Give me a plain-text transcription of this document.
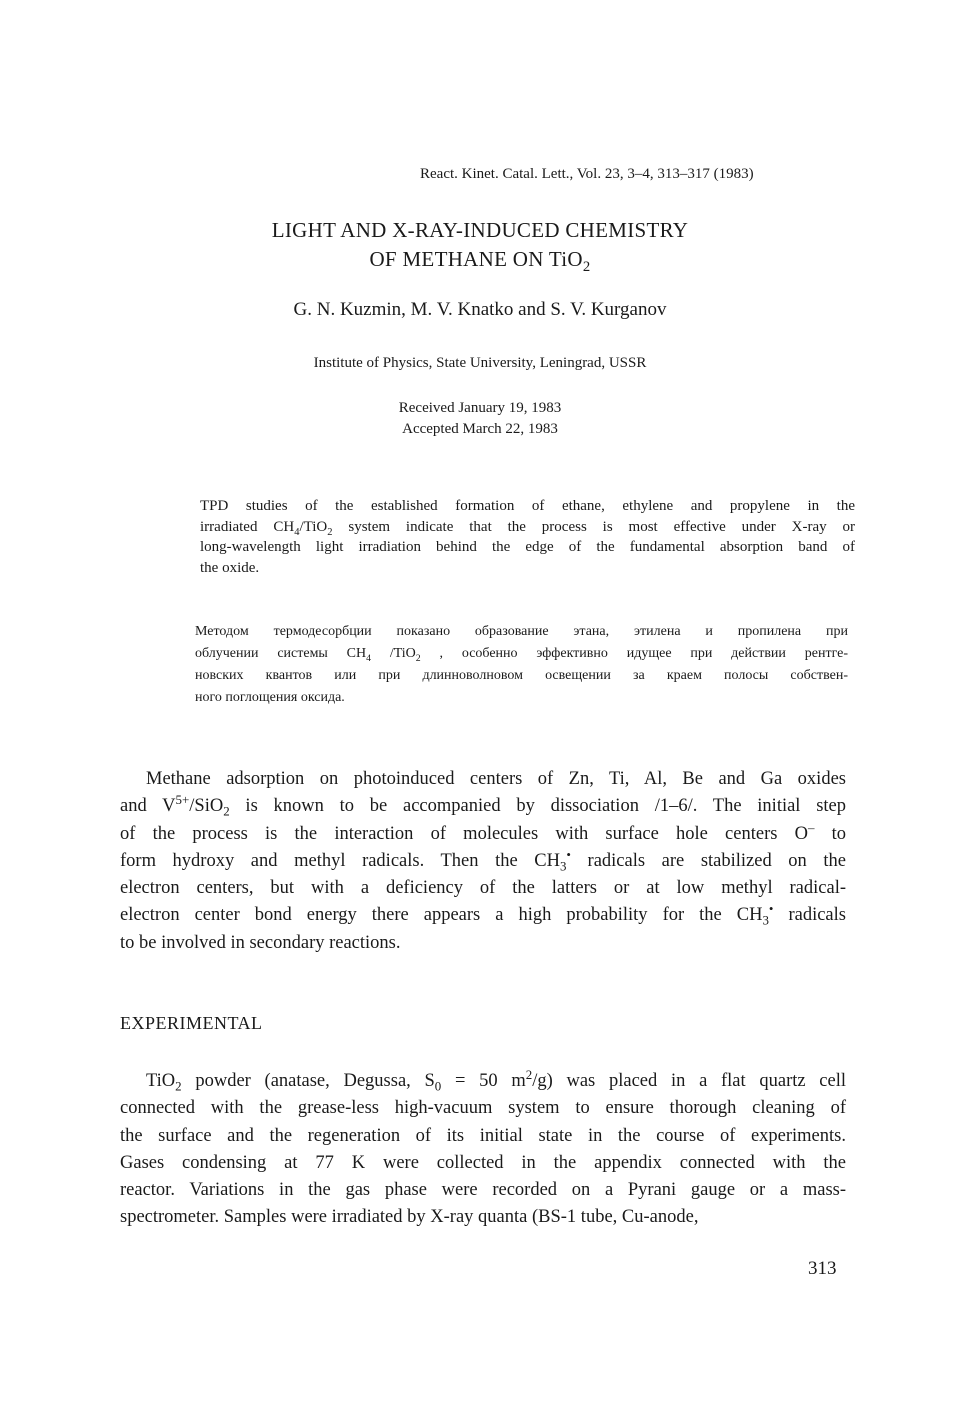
React. Kinet. Catal. Lett., Vol. 23, 3–4, 313–317 (1983)
LIGHT AND X-RAY-INDUCED CHEMISTRY
OF METHANE ON TiO$_2$
G. N. Kuzmin, M. V. Knatko and S. V. Kurganov
Institute of Physics, State University, Leningrad, USSR
Received January 19, 1983
Accepted March 22, 1983
TPD studies of the established formation of ethane, ethylene and propylene in the
irradiated $CH_4/TiO_2$ system indicate that the process is most effective under X-ray or
long-wavelength light irradiation behind the edge of the fundamental absorption band of
the oxide.
Методом термодесорбции показано образование этана, этилена и пропилена при
облучении системы $CH_4$ /TiO$_2$ , особенно эффективно идущее при действии рентге-
новских квантов или при длинноволновом освещении за краем полосы собствен-
ного поглощения оксида.
Methane adsorption on photoinduced centers of Zn, Ti, Al, Be and Ga oxides
and $V^{5+}/SiO_2$ is known to be accompanied by dissociation /1–6/. The initial step
of the process is the interaction of molecules with surface hole centers O– to
form hydroxy and methyl radicals. Then the $CH_3^•$ radicals are stabilized on the
electron centers, but with a deficiency of the latters or at low methyl radical-
electron center bond energy there appears a high probability for the $CH_3^•$ radicals
to be involved in secondary reactions.
EXPERIMENTAL
TiO$_2$ powder (anatase, Degussa, $S_0 = 50$ $m^2/g$) was placed in a flat quartz cell
connected with the grease-less high-vacuum system to ensure thorough cleaning of
the surface and the regeneration of its initial state in the course of experiments.
Gases condensing at 77 K were collected in the appendix connected with the
reactor. Variations in the gas phase were recorded on a Pyrani gauge or a mass-
spectrometer. Samples were irradiated by X-ray quanta (BS-1 tube, Cu-anode,
313
